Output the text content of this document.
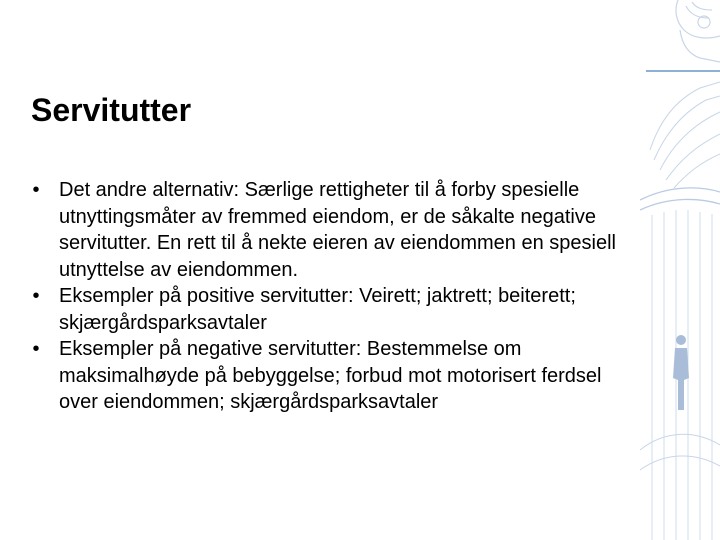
Servitutter
• Det andre alternativ: Særlige rettigheter til å forby spesielle utnyttingsmåter av fremmed eiendom, er de såkalte negative servitutter. En rett til å nekte eieren av eiendommen en spesiell utnyttelse av eiendommen.
• Eksempler på positive servitutter: Veirett; jaktrett; beiterett; skjærgårdsparksavtaler
• Eksempler på negative servitutter: Bestemmelse om maksimalhøyde på bebyggelse; forbud mot motorisert ferdsel over eiendommen; skjærgårdsparksavtaler
